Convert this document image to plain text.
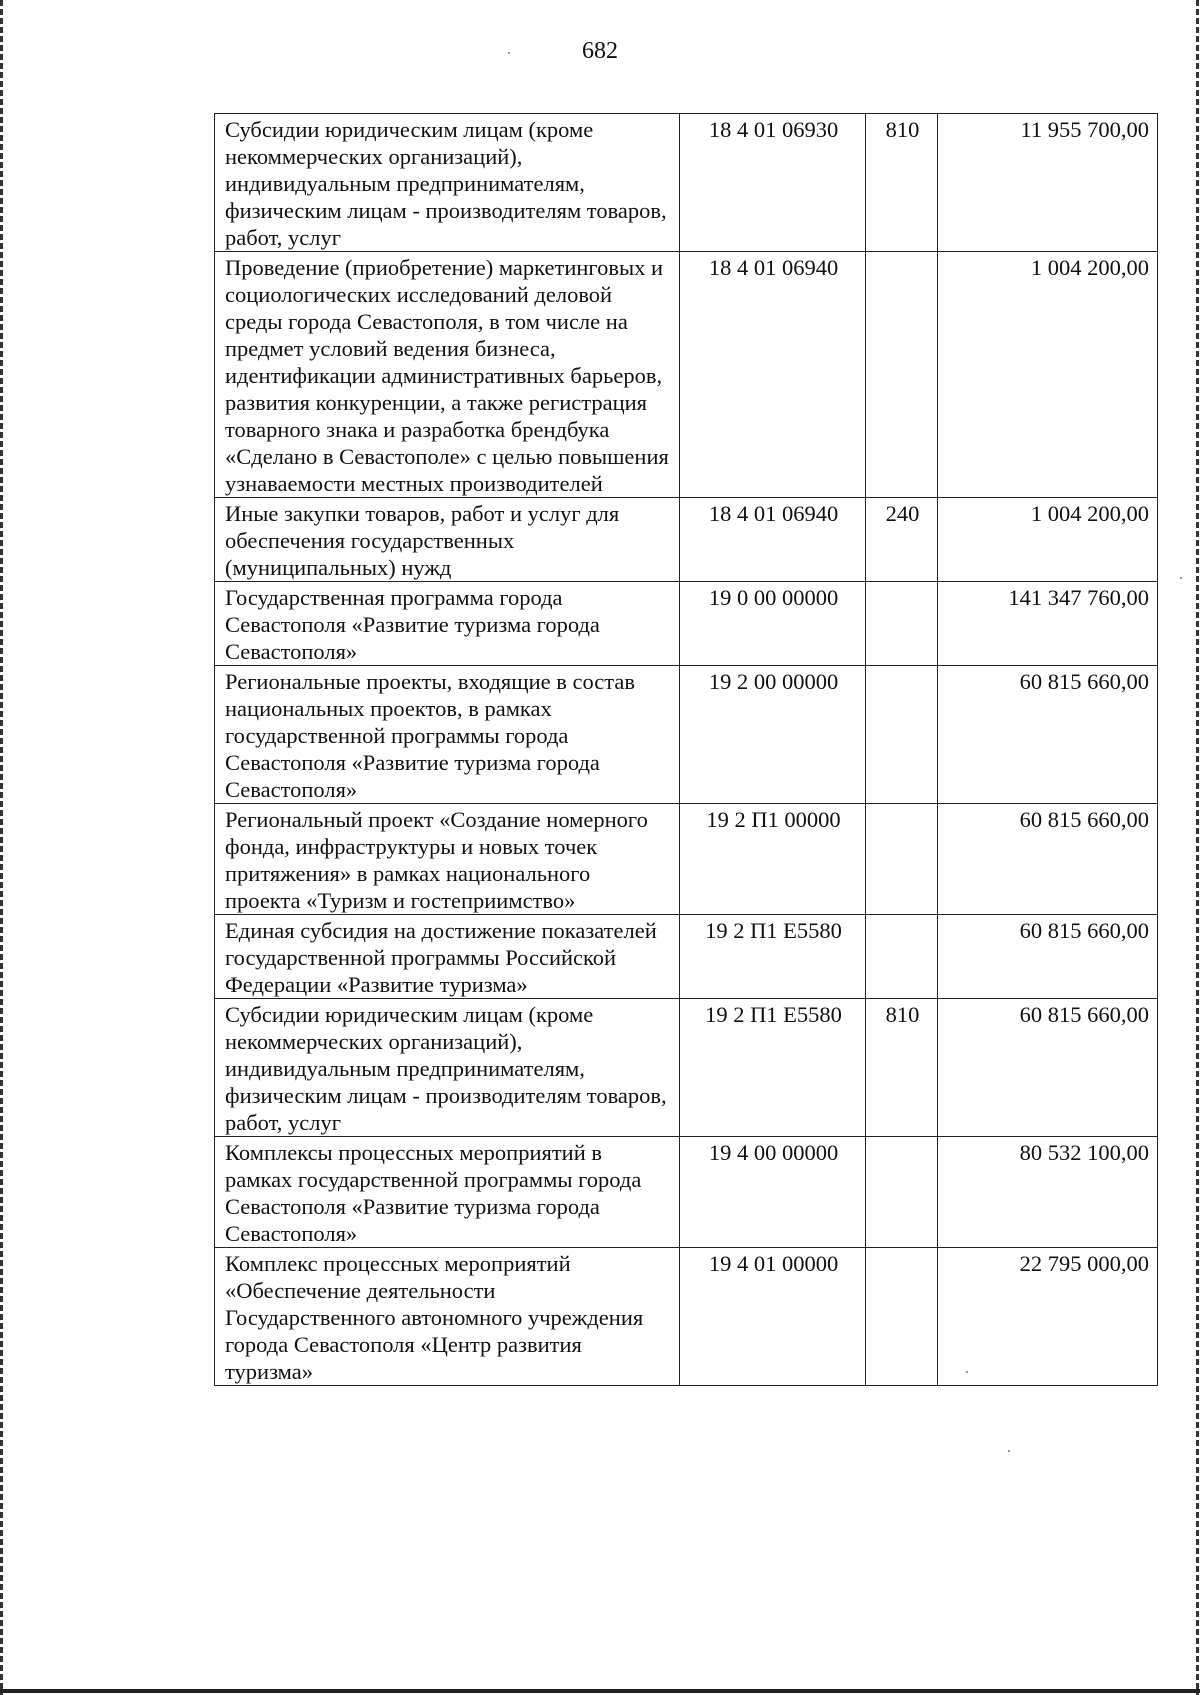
682
Субсидии юридическим лицам (кроме некоммерческих организаций), индивидуальным предпринимателям, физическим лицам - производителям товаров, работ, услуг	18 4 01 06930	810	11 955 700,00
Проведение (приобретение) маркетинговых и социологических исследований деловой среды города Севастополя, в том числе на предмет условий ведения бизнеса, идентификации административных барьеров, развития конкуренции, а также регистрация товарного знака и разработка брендбука «Сделано в Севастополе» с целью повышения узнаваемости местных производителей	18 4 01 06940		1 004 200,00
Иные закупки товаров, работ и услуг для обеспечения государственных (муниципальных) нужд	18 4 01 06940	240	1 004 200,00
Государственная программа города Севастополя «Развитие туризма города Севастополя»	19 0 00 00000		141 347 760,00
Региональные проекты, входящие в состав национальных проектов, в рамках государственной программы города Севастополя «Развитие туризма города Севастополя»	19 2 00 00000		60 815 660,00
Региональный проект «Создание номерного фонда, инфраструктуры и новых точек притяжения» в рамках национального проекта «Туризм и гостеприимство»	19 2 П1 00000		60 815 660,00
Единая субсидия на достижение показателей государственной программы Российской Федерации «Развитие туризма»	19 2 П1 Е5580		60 815 660,00
Субсидии юридическим лицам (кроме некоммерческих организаций), индивидуальным предпринимателям, физическим лицам - производителям товаров, работ, услуг	19 2 П1 Е5580	810	60 815 660,00
Комплексы процессных мероприятий в рамках государственной программы города Севастополя «Развитие туризма города Севастополя»	19 4 00 00000		80 532 100,00
Комплекс процессных мероприятий «Обеспечение деятельности Государственного автономного учреждения города Севастополя «Центр развития туризма»	19 4 01 00000		22 795 000,00
